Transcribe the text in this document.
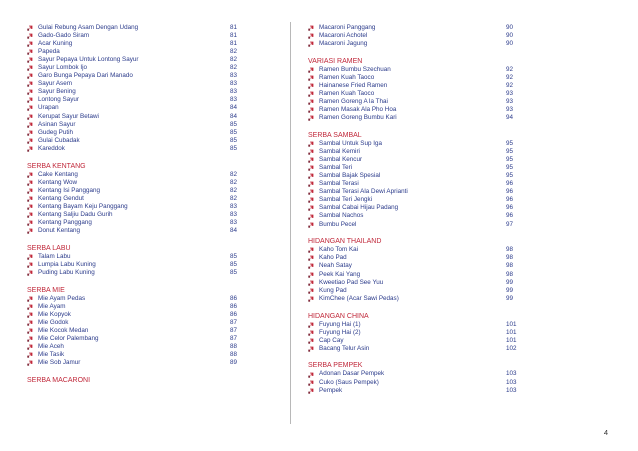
Gulai Rebung Asam Dengan Udang	81
Gado-Gado Siram	81
Acar Kuning	81
Papeda	82
Sayur Pepaya Untuk Lontong Sayur	82
Sayur Lombok Ijo	82
Garo Bunga Pepaya Dari Manado	83
Sayur Asem	83
Sayur Bening	83
Lontong Sayur	83
Urapan	84
Kerupat Sayur Betawi	84
Asinan Sayur	85
Gudeg Putih	85
Gulai Cubadak	85
Kareddok	85
SERBA KENTANG
Cake Kentang	82
Kentang Wow	82
Kentang Isi Panggang	82
Kentang Gendut	82
Kentang Bayam Keju Panggang	83
Kentang Saljiu Dadu Gurih	83
Kentang Panggang	83
Donut Kentang	84
SERBA LABU
Talam Labu	85
Lumpia Labu Kuning	85
Puding Labu Kuning	85
SERBA MIE
Mie Ayam Pedas	86
Mie Ayam	86
Mie Kopyok	86
Mie Godok	87
Mie Kocok Medan	87
Mie Celor Palembang	87
Mie Aceh	88
Mie Tasik	88
Mie Sob Jamur	89
SERBA MACARONI
Macaroni Panggang	90
Macaroni Achotel	90
Macaroni Jagung	90
VARIASI RAMEN
Ramen Bumbu Szechuan	92
Ramen Kuah Taoco	92
Hainanese Fried Ramen	92
Ramen Kuah Taoco	93
Ramen Goreng A la Thai	93
Ramen Masak Ala Pho Hoa	93
Ramen Goreng Bumbu Kari	94
SERBA SAMBAL
Sambal Untuk Sup Iga	95
Sambal Kemiri	95
Sambal Kencur	95
Sambal Teri	95
Sambal Bajak Spesial	95
Sambal Terasi	96
Sambal Terasi Ala Dewi Aprianti	96
Sambal Teri Jengki	96
Sambal Cabai Hijau Padang	96
Sambal Nachos	96
Bumbu Pecel	97
HIDANGAN THAILAND
Kaho Tom Kai	98
Kaho Pad	98
Neah Satay	98
Peek Kai Yang	98
Kweetiao Pad See Yuu	99
Kung Pad	99
KimChee (Acar Sawi Pedas)	99
HIDANGAN CHINA
Fuyung Hai (1)	101
Fuyung Hai (2)	101
Cap Cay	101
Bacang Telur Asin	102
SERBA PEMPEK
Adonan Dasar Pempek	103
Cuko (Saus Pempek)	103
Pempek	103
4
